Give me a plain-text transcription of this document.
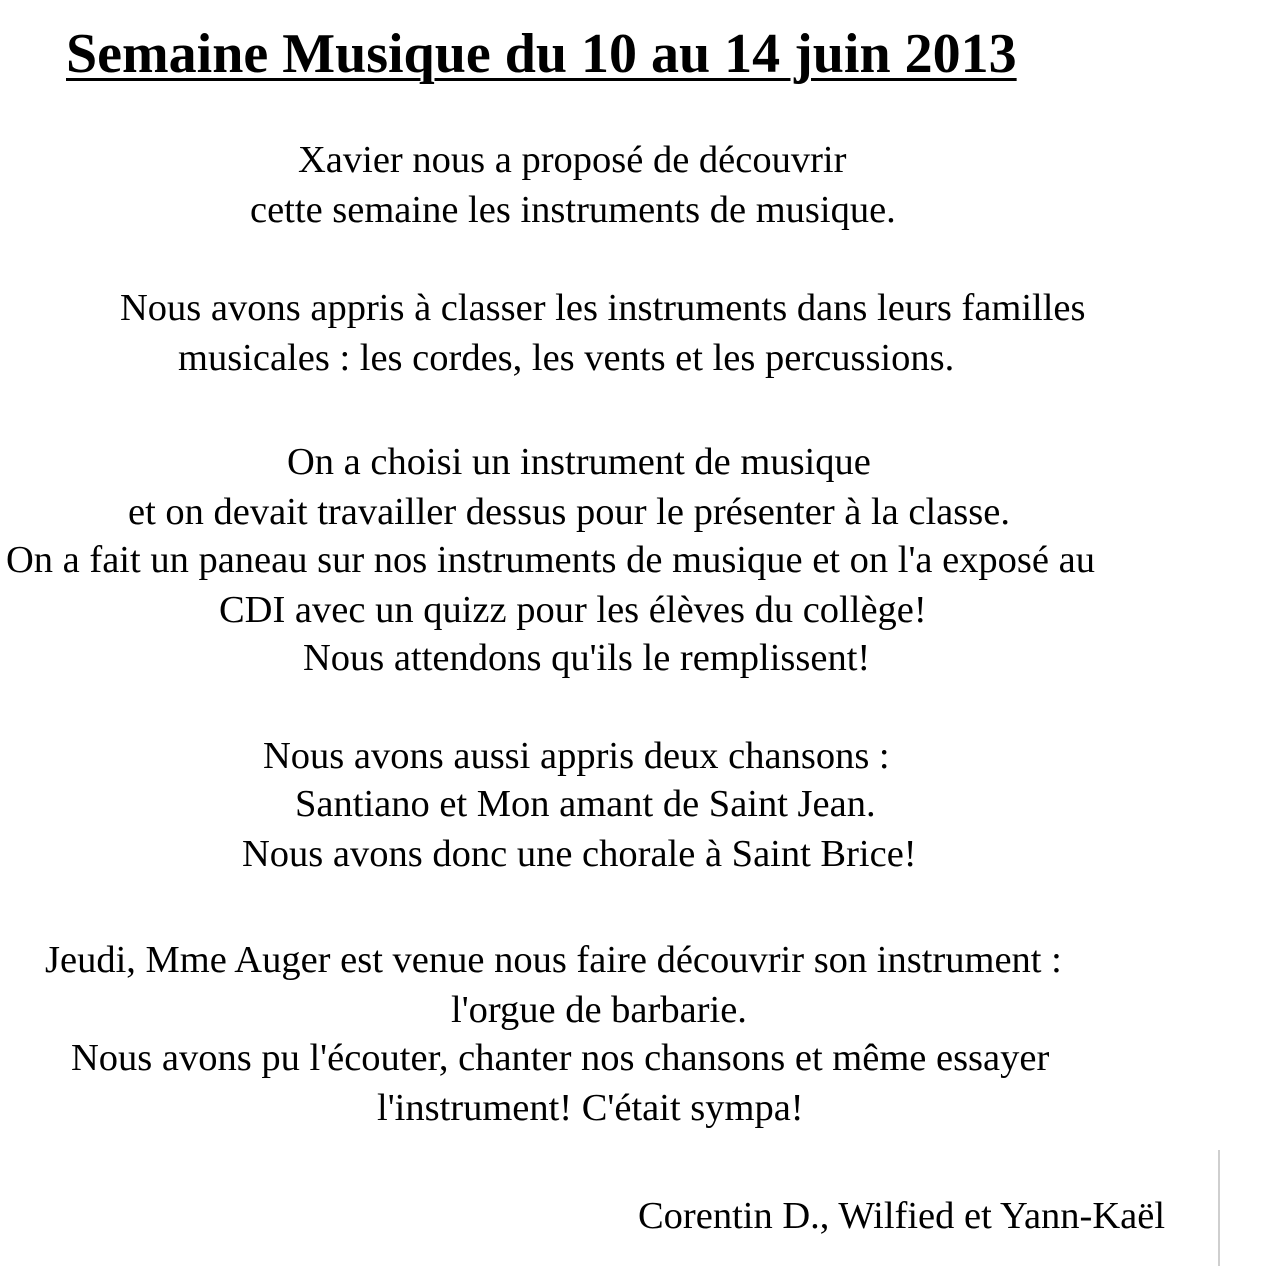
Semaine Musique du 10 au 14 juin 2013
Xavier nous a proposé de découvrir
cette semaine les instruments de musique.
Nous avons appris à classer les instruments dans leurs familles
musicales : les cordes, les vents et les percussions.
On a choisi un instrument de musique
et on devait travailler dessus pour le présenter à la classe.
On a fait un paneau sur nos instruments de musique et on l'a exposé au
CDI avec un quizz pour les élèves du collège!
Nous attendons qu'ils le remplissent!
Nous avons aussi appris deux chansons :
Santiano et Mon amant de Saint Jean.
Nous avons donc une chorale à Saint Brice!
Jeudi, Mme Auger est venue nous faire découvrir son instrument :
l'orgue de barbarie.
Nous avons pu l'écouter, chanter nos chansons et même essayer
l'instrument! C'était sympa!
Corentin D., Wilfied et Yann-Kaël
